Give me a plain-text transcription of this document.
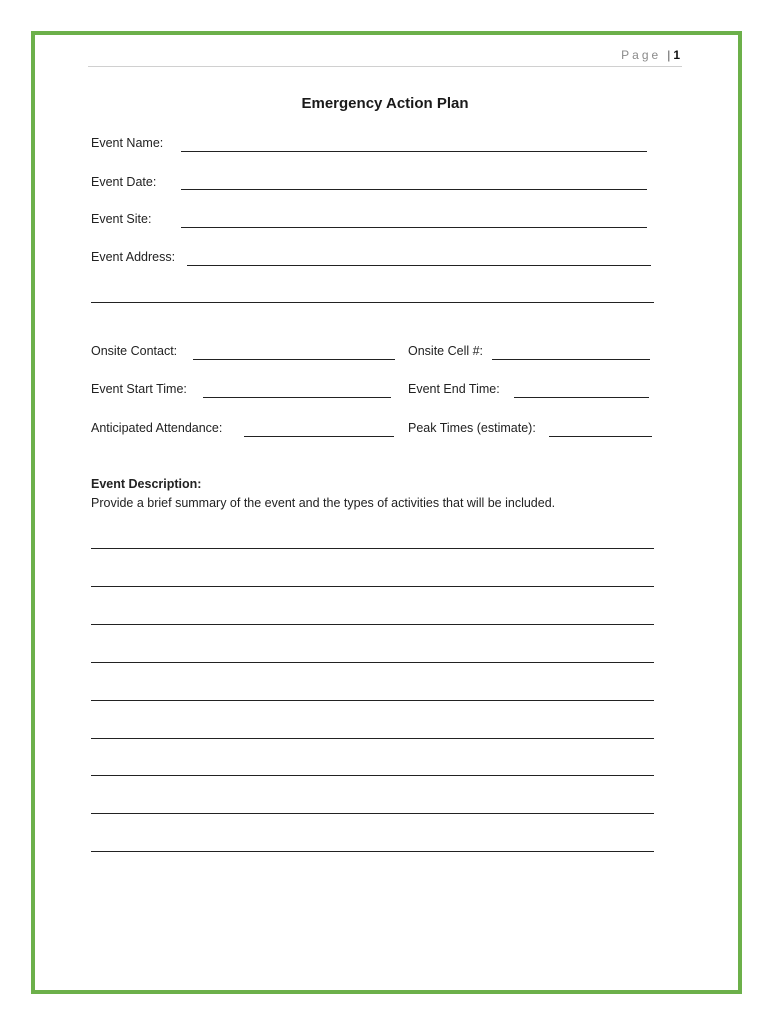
Page | 1
Emergency Action Plan
Event Name:
Event Date:
Event Site:
Event Address:
Onsite Contact:	Onsite Cell #:
Event Start Time:	Event End Time:
Anticipated Attendance:	Peak Times (estimate):
Event Description:
Provide a brief summary of the event and the types of activities that will be included.
